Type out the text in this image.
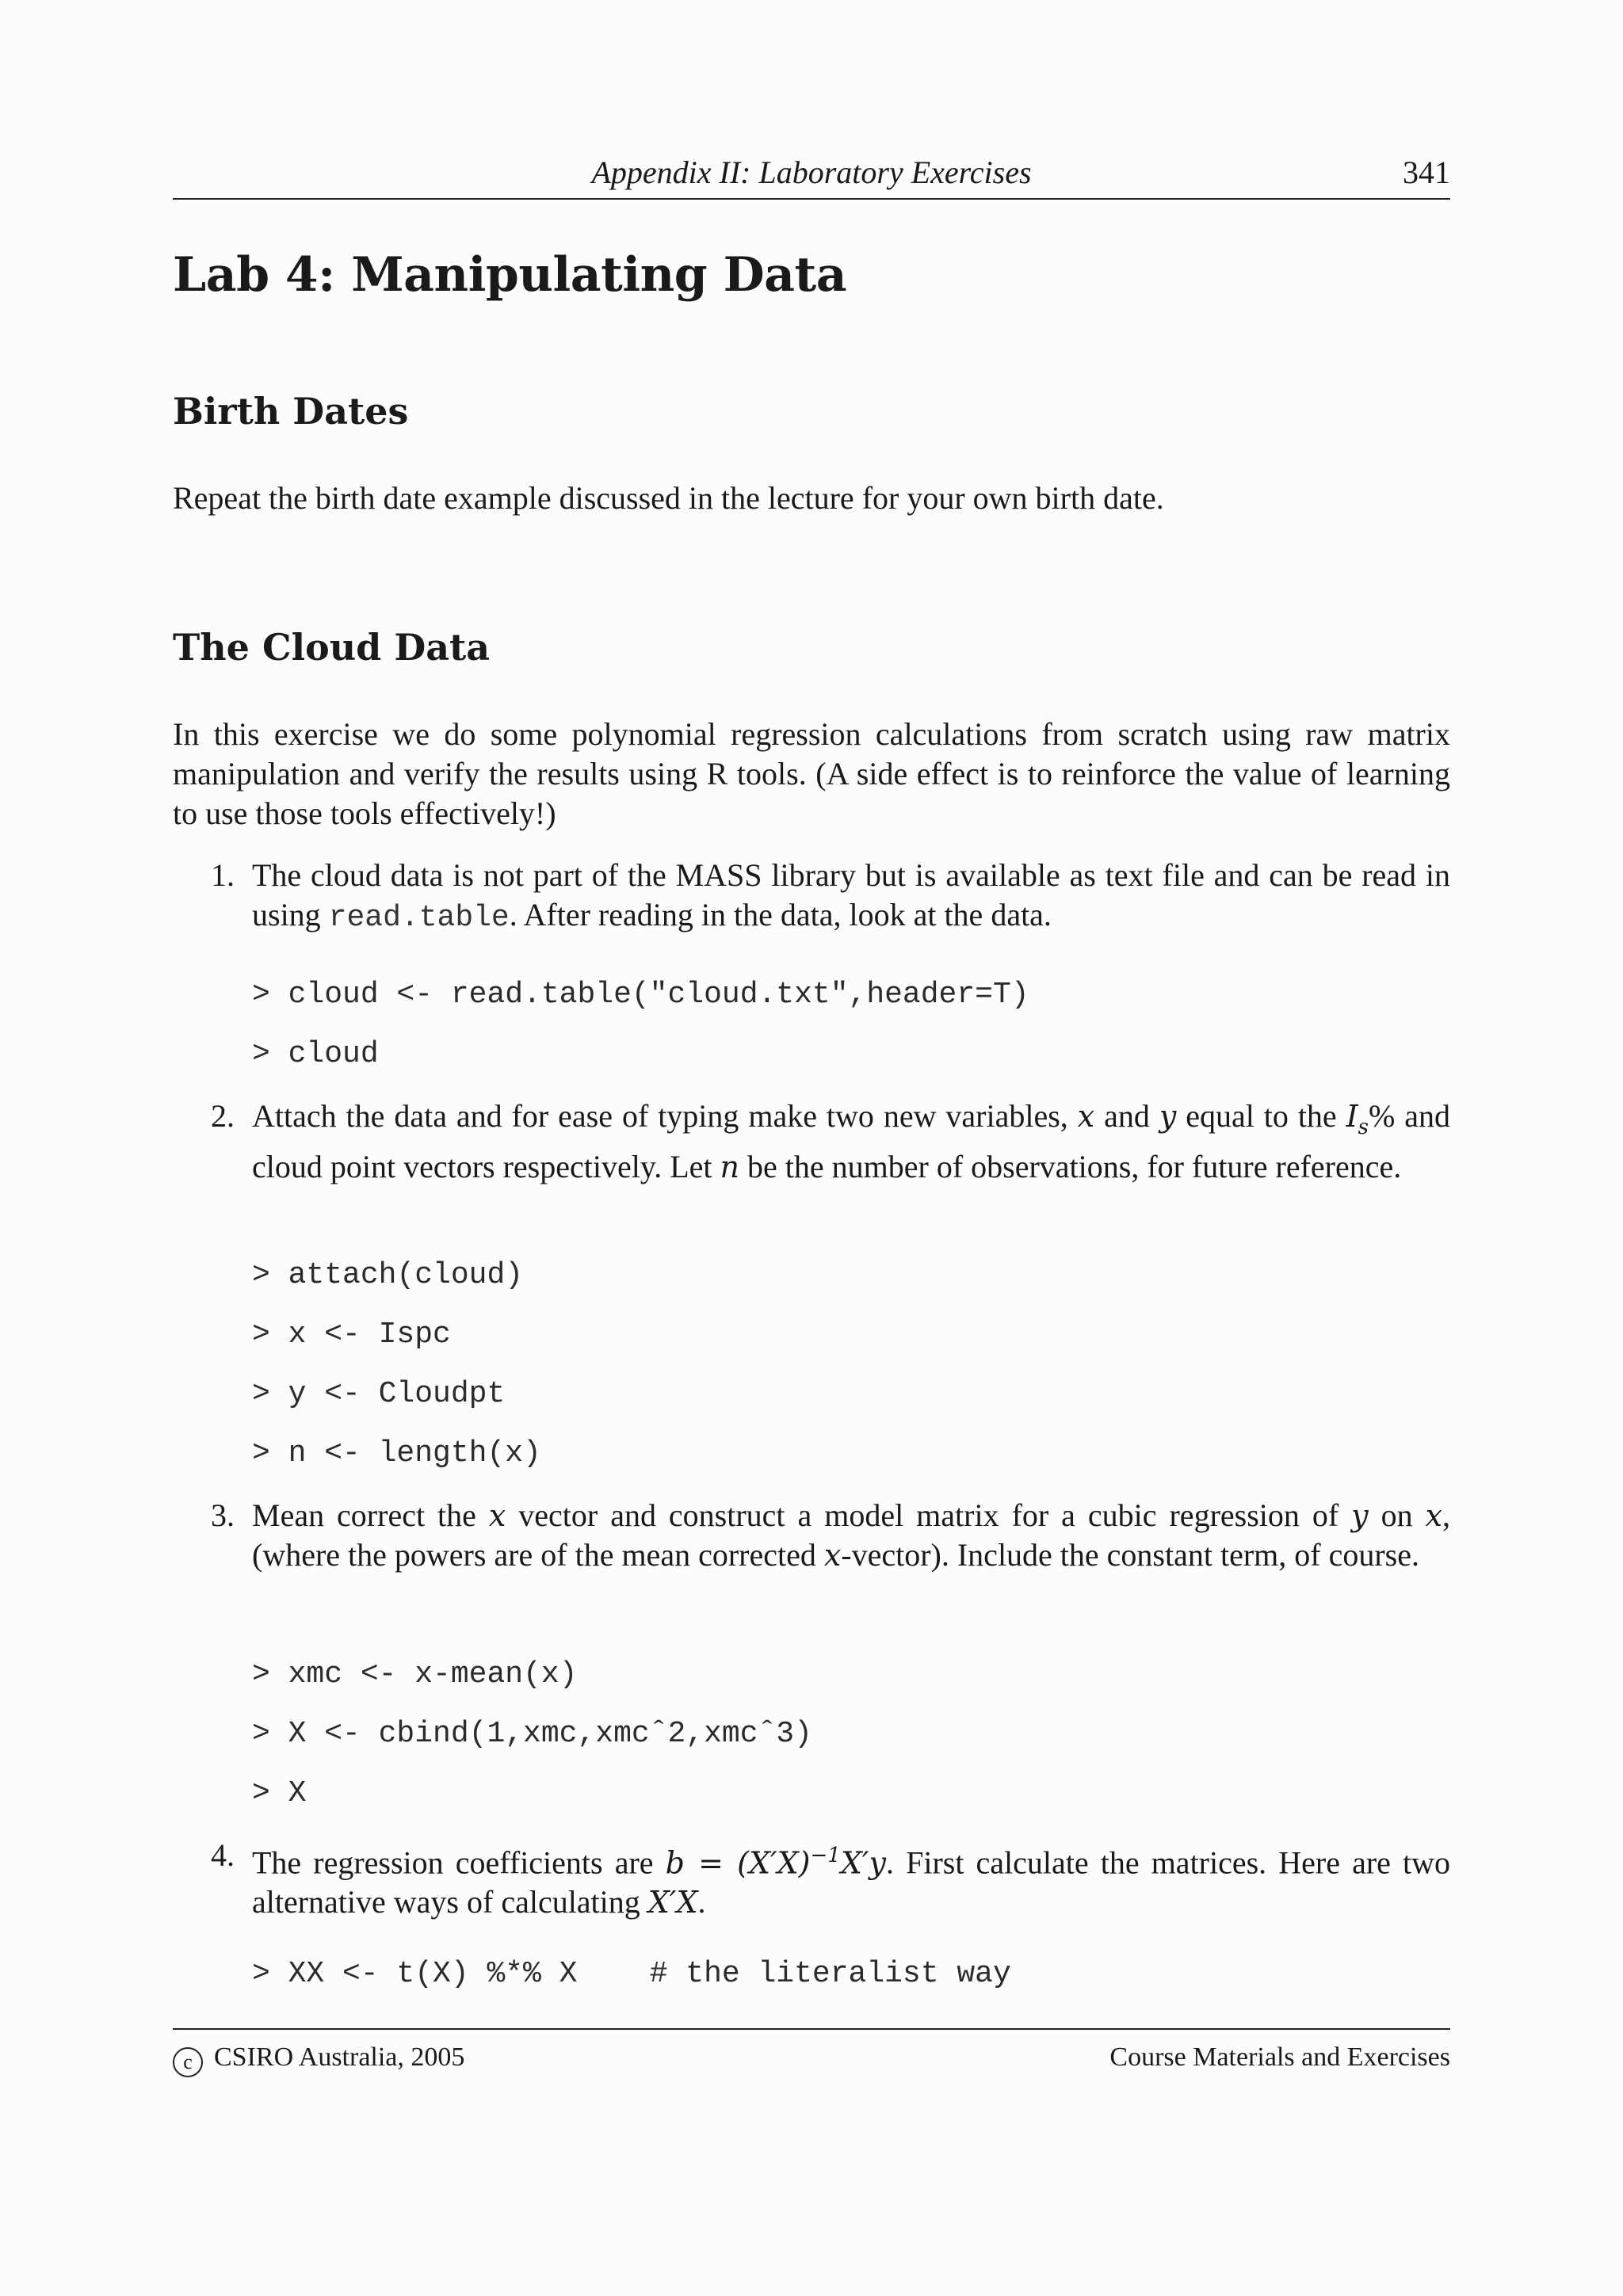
Appendix II: Laboratory Exercises	341
Lab 4: Manipulating Data
Birth Dates

Repeat the birth date example discussed in the lecture for your own birth date.

The Cloud Data

In this exercise we do some polynomial regression calculations from scratch using raw matrix manipulation and verify the results using R tools. (A side effect is to reinforce the value of learning to use those tools effectively!)

1. The cloud data is not part of the MASS library but is available as text file and can be read in using read.table. After reading in the data, look at the data.
> cloud <- read.table("cloud.txt",header=T)
> cloud
2. Attach the data and for ease of typing make two new variables, x and y equal to the $I_s\%$ and cloud point vectors respectively. Let n be the number of observations, for future reference.
> attach(cloud)
> x <- Ispc
> y <- Cloudpt
> n <- length(x)
3. Mean correct the x vector and construct a model matrix for a cubic regression of y on x, (where the powers are of the mean corrected x-vector). Include the constant term, of course.
> xmc <- x-mean(x)
> X <- cbind(1,xmc,xmcˆ2,xmcˆ3)
> X
4. The regression coefficients are $b = (X'X)^{-1}X'y$. First calculate the matrices. Here are two alternative ways of calculating X′X.
> XX <- t(X) %*% X    # the literalist way
c CSIRO Australia, 2005	Course Materials and Exercises
